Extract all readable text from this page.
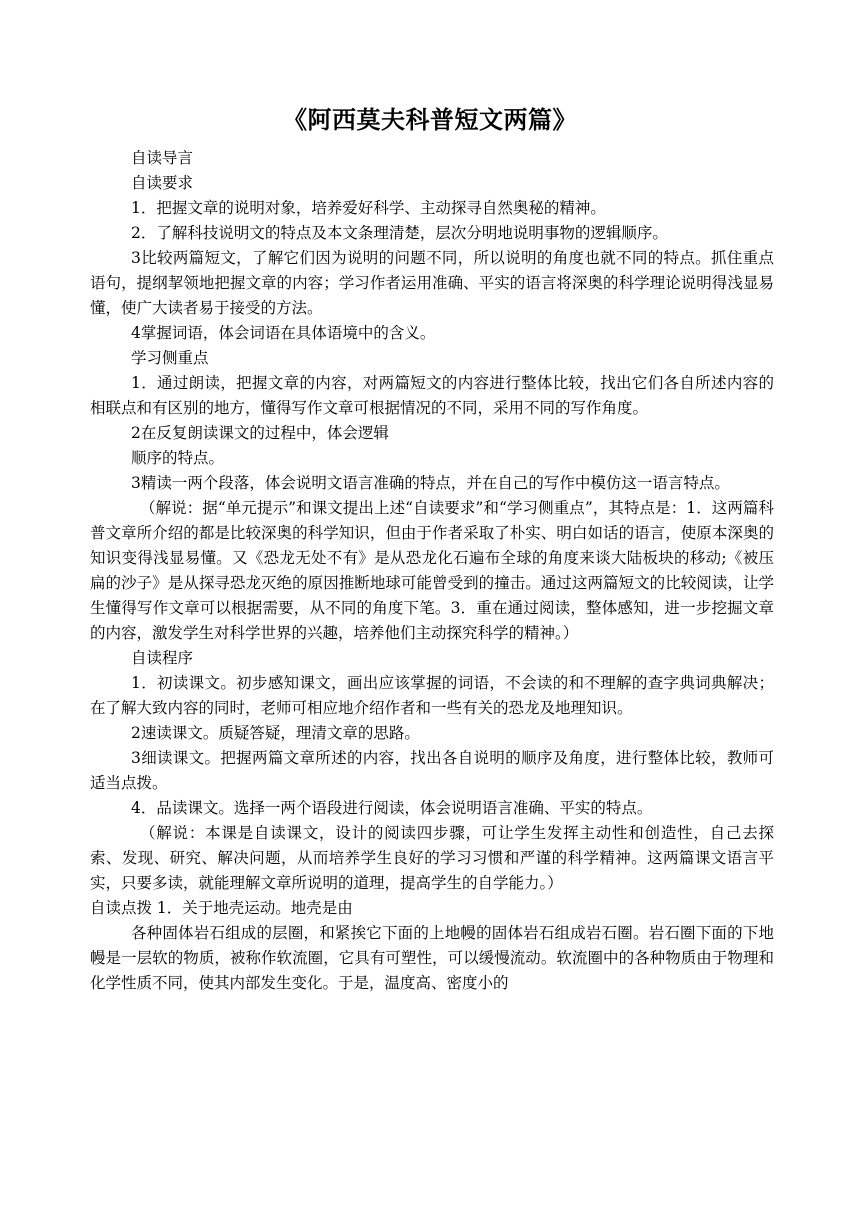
《阿西莫夫科普短文两篇》

自读导言

自读要求

1．把握文章的说明对象，培养爱好科学、主动探寻自然奥秘的精神。

2．了解科技说明文的特点及本文条理清楚，层次分明地说明事物的逻辑顺序。

3比较两篇短文，了解它们因为说明的问题不同，所以说明的角度也就不同的特点。抓住重点语句，提纲挈领地把握文章的内容；学习作者运用准确、平实的语言将深奥的科学理论说明得浅显易懂，使广大读者易于接受的方法。

4掌握词语，体会词语在具体语境中的含义。

学习侧重点

1．通过朗读，把握文章的内容，对两篇短文的内容进行整体比较，找出它们各自所述内容的相联点和有区别的地方，懂得写作文章可根据情况的不同，采用不同的写作角度。

2在反复朗读课文的过程中，体会逻辑

顺序的特点。

3精读一两个段落，体会说明文语言准确的特点，并在自己的写作中模仿这一语言特点。

（解说：据“单元提示”和课文提出上述“自读要求”和“学习侧重点”，其特点是：1．这两篇科普文章所介绍的都是比较深奥的科学知识，但由于作者采取了朴实、明白如话的语言，使原本深奥的知识变得浅显易懂。又《恐龙无处不有》是从恐龙化石遍布全球的角度来谈大陆板块的移动;《被压扁的沙子》是从探寻恐龙灭绝的原因推断地球可能曾受到的撞击。通过这两篇短文的比较阅读，让学生懂得写作文章可以根据需要，从不同的角度下笔。3．重在通过阅读，整体感知，进一步挖掘文章的内容，激发学生对科学世界的兴趣，培养他们主动探究科学的精神。）

自读程序

1．初读课文。初步感知课文，画出应该掌握的词语，不会读的和不理解的查字典词典解决；在了解大致内容的同时，老师可相应地介绍作者和一些有关的恐龙及地理知识。

2速读课文。质疑答疑，理清文章的思路。

3细读课文。把握两篇文章所述的内容，找出各自说明的顺序及角度，进行整体比较，教师可适当点拨。

4．品读课文。选择一两个语段进行阅读，体会说明语言准确、平实的特点。

（解说：本课是自读课文，设计的阅读四步骤，可让学生发挥主动性和创造性，自己去探索、发现、研究、解决问题，从而培养学生良好的学习习惯和严谨的科学精神。这两篇课文语言平实，只要多读，就能理解文章所说明的道理，提高学生的自学能力。）

自读点拨 1．关于地壳运动。地壳是由

各种固体岩石组成的层圈，和紧挨它下面的上地幔的固体岩石组成岩石圈。岩石圈下面的下地幔是一层软的物质，被称作软流圈，它具有可塑性，可以缓慢流动。软流圈中的各种物质由于物理和化学性质不同，使其内部发生变化。于是，温度高、密度小的
